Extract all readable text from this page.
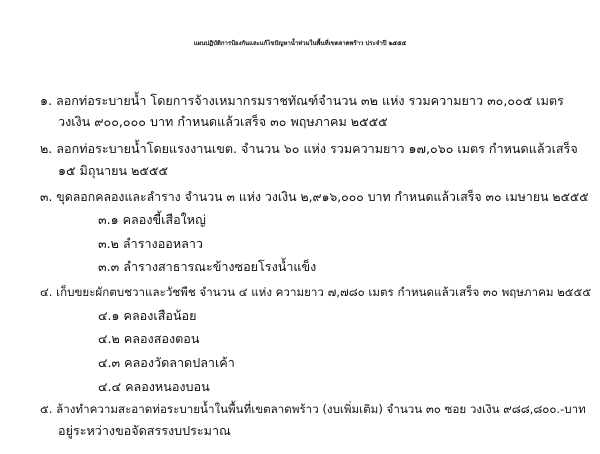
แผนปฏิบัติการป้องกันและแก้ไขปัญหาน้ำท่วมในพื้นที่เขตลาดพร้าว ประจำปี ๒๕๕๕
๑. ลอกท่อระบายน้ำ โดยการจ้างเหมากรมราชทัณฑ์จำนวน ๓๒ แห่ง รวมความยาว ๓๐,๐๐๕ เมตร
วงเงิน ๙๐๐,๐๐๐ บาท กำหนดแล้วเสร็จ ๓๐ พฤษภาคม ๒๕๕๕
๒. ลอกท่อระบายน้ำโดยแรงงานเขต. จำนวน ๖๐ แห่ง รวมความยาว ๑๗,๐๖๐ เมตร กำหนดแล้วเสร็จ
๑๕ มิถุนายน ๒๕๕๕
๓. ขุดลอกคลองและลำราง จำนวน ๓ แห่ง วงเงิน ๒,๙๑๖,๐๐๐ บาท กำหนดแล้วเสร็จ ๓๐ เมษายน ๒๕๕๕
๓.๑ คลองขี้เสือใหญ่
๓.๒ ลำรางออหลาว
๓.๓ ลำรางสาธารณะข้างซอยโรงน้ำแข็ง
๔. เก็บขยะผักตบชวาและวัชพืช จำนวน ๔ แห่ง ความยาว ๗,๗๘๐ เมตร กำหนดแล้วเสร็จ ๓๐ พฤษภาคม ๒๕๕๕
๔.๑ คลองเสือน้อย
๔.๒ คลองสองตอน
๔.๓ คลองวัดลาดปลาเค้า
๔.๔ คลองหนองบอน
๕. ล้างทำความสะอาดท่อระบายน้ำในพื้นที่เขตลาดพร้าว (งบเพิ่มเติม) จำนวน ๓๐ ซอย วงเงิน ๙๘๘,๘๐๐.-บาท
อยู่ระหว่างขอจัดสรรงบประมาณ
